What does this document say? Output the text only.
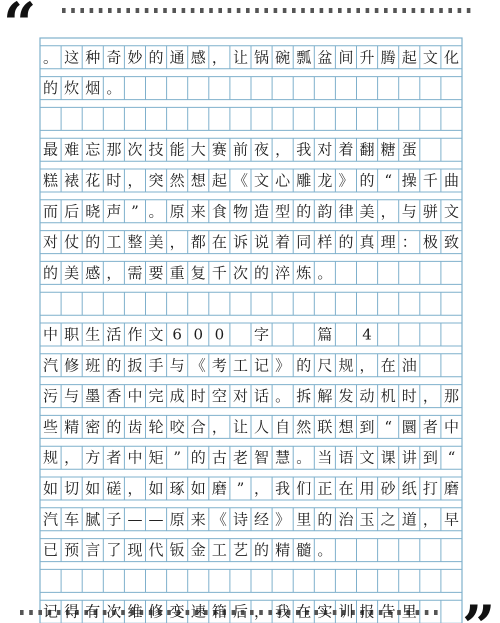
“ 。 这 种 奇 妙 的 通 感 ， 让 锅 碗 瓢 盆 间 升 腾 起 文 化
的 炊 烟 。
最 难 忘 那 次 技 能 大 赛 前 夜 ， 我 对 着 翻 糖 蛋
糕 裱 花 时 ， 突 然 想 起 《 文 心 雕 龙 》 的 “ 操 千 曲
而 后 晓 声 ” 。 原 来 食 物 造 型 的 韵 律 美 ， 与 骈 文
对 仗 的 工 整 美 ， 都 在 诉 说 着 同 样 的 真 理 ： 极 致
的 美 感 ， 需 要 重 复 千 次 的 淬 炼 。
中 职 生 活 作 文 6 0 0 字	篇 4
汽 修 班 的 扳 手 与 《 考 工 记 》 的 尺 规 ， 在 油
污 与 墨 香 中 完 成 时 空 对 话 。 拆 解 发 动 机 时 ， 那
些 精 密 的 齿 轮 咬 合 ， 让 人 自 然 联 想 到 “ 圜 者 中
规 ， 方 者 中 矩 ” 的 古 老 智 慧 。 当 语 文 课 讲 到 “
如 切 如 磋 ， 如 琢 如 磨 ” ， 我 们 正 在 用 砂 纸 打 磨
汽 车 腻 子 — — 原 来 《 诗 经 》 里 的 治 玉 之 道 ， 早
已 预 言 了 现 代 钣 金 工 艺 的 精 髓 。
记 得 有 次 维 修 变 速 箱 后 ， 我 在 实 训 报 告 里
